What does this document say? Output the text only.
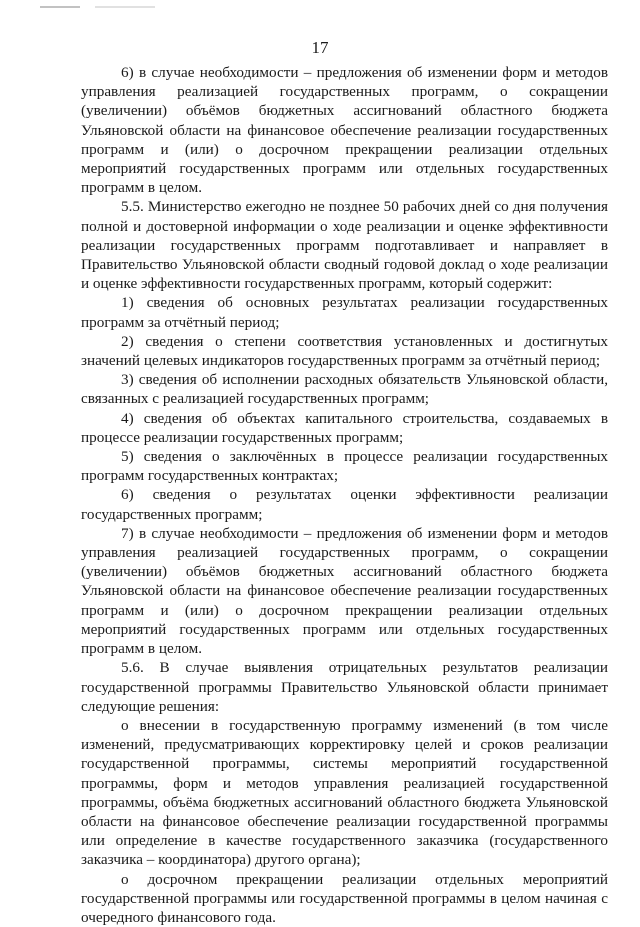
17

6) в случае необходимости – предложения об изменении форм и методов управления реализацией государственных программ, о сокращении (увеличении) объёмов бюджетных ассигнований областного бюджета Ульяновской области на финансовое обеспечение реализации государственных программ и (или) о досрочном прекращении реализации отдельных мероприятий государственных программ или отдельных государственных программ в целом.

5.5. Министерство ежегодно не позднее 50 рабочих дней со дня получения полной и достоверной информации о ходе реализации и оценке эффективности реализации государственных программ подготавливает и направляет в Правительство Ульяновской области сводный годовой доклад о ходе реализации и оценке эффективности государственных программ, который содержит:

1) сведения об основных результатах реализации государственных программ за отчётный период;

2) сведения о степени соответствия установленных и достигнутых значений целевых индикаторов государственных программ за отчётный период;

3) сведения об исполнении расходных обязательств Ульяновской области, связанных с реализацией государственных программ;

4) сведения об объектах капитального строительства, создаваемых в процессе реализации государственных программ;

5) сведения о заключённых в процессе реализации государственных программ государственных контрактах;

6) сведения о результатах оценки эффективности реализации государственных программ;

7) в случае необходимости – предложения об изменении форм и методов управления реализацией государственных программ, о сокращении (увеличении) объёмов бюджетных ассигнований областного бюджета Ульяновской области на финансовое обеспечение реализации государственных программ и (или) о досрочном прекращении реализации отдельных мероприятий государственных программ или отдельных государственных программ в целом.

5.6. В случае выявления отрицательных результатов реализации государственной программы Правительство Ульяновской области принимает следующие решения:

о внесении в государственную программу изменений (в том числе изменений, предусматривающих корректировку целей и сроков реализации государственной программы, системы мероприятий государственной программы, форм и методов управления реализацией государственной программы, объёма бюджетных ассигнований областного бюджета Ульяновской области на финансовое обеспечение реализации государственной программы или определение в качестве государственного заказчика (государственного заказчика – координатора) другого органа);

о досрочном прекращении реализации отдельных мероприятий государственной программы или государственной программы в целом начиная с очередного финансового года.
